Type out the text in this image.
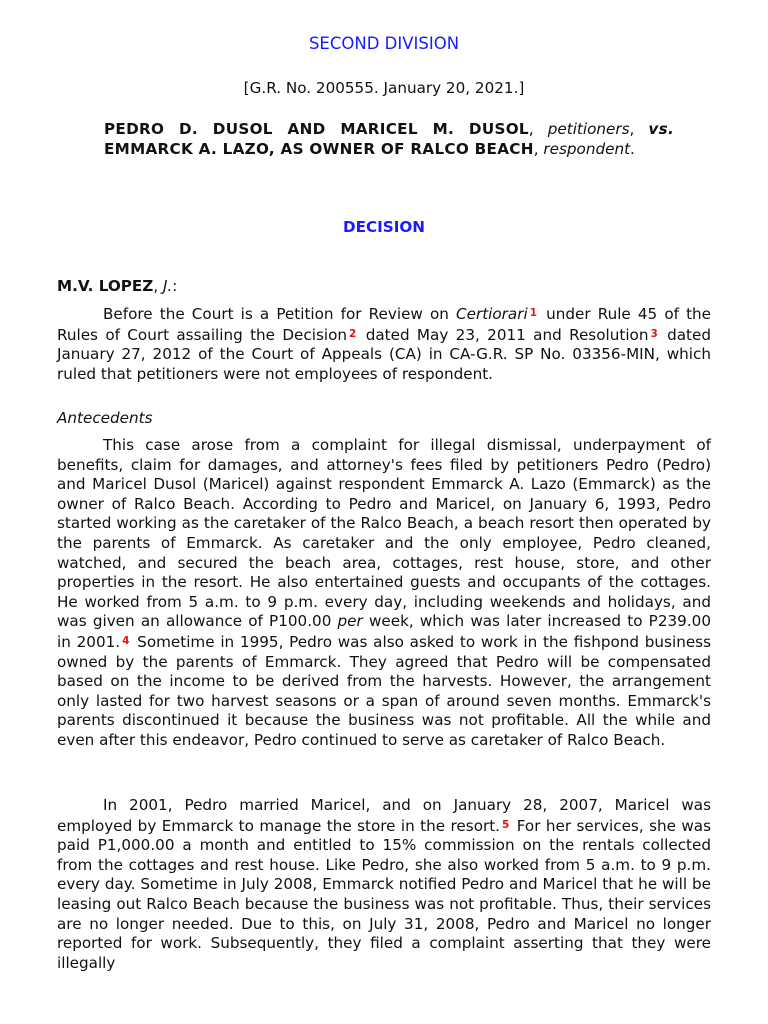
SECOND DIVISION
[G.R. No. 200555. January 20, 2021.]
PEDRO D. DUSOL AND MARICEL M. DUSOL, petitioners, vs. EMMARCK A. LAZO, AS OWNER OF RALCO BEACH, respondent.
DECISION
M.V. LOPEZ, J.:

Before the Court is a Petition for Review on Certiorari 1 under Rule 45 of the Rules of Court assailing the Decision 2 dated May 23, 2011 and Resolution 3 dated January 27, 2012 of the Court of Appeals (CA) in CA-G.R. SP No. 03356-MIN, which ruled that petitioners were not employees of respondent.

Antecedents

This case arose from a complaint for illegal dismissal, underpayment of benefits, claim for damages, and attorney's fees filed by petitioners Pedro (Pedro) and Maricel Dusol (Maricel) against respondent Emmarck A. Lazo (Emmarck) as the owner of Ralco Beach. According to Pedro and Maricel, on January 6, 1993, Pedro started working as the caretaker of the Ralco Beach, a beach resort then operated by the parents of Emmarck. As caretaker and the only employee, Pedro cleaned, watched, and secured the beach area, cottages, rest house, store, and other properties in the resort. He also entertained guests and occupants of the cottages. He worked from 5 a.m. to 9 p.m. every day, including weekends and holidays, and was given an allowance of P100.00 per week, which was later increased to P239.00 in 2001. 4 Sometime in 1995, Pedro was also asked to work in the fishpond business owned by the parents of Emmarck. They agreed that Pedro will be compensated based on the income to be derived from the harvests. However, the arrangement only lasted for two harvest seasons or a span of around seven months. Emmarck's parents discontinued it because the business was not profitable. All the while and even after this endeavor, Pedro continued to serve as caretaker of Ralco Beach.

In 2001, Pedro married Maricel, and on January 28, 2007, Maricel was employed by Emmarck to manage the store in the resort. 5 For her services, she was paid P1,000.00 a month and entitled to 15% commission on the rentals collected from the cottages and rest house. Like Pedro, she also worked from 5 a.m. to 9 p.m. every day. Sometime in July 2008, Emmarck notified Pedro and Maricel that he will be leasing out Ralco Beach because the business was not profitable. Thus, their services are no longer needed. Due to this, on July 31, 2008, Pedro and Maricel no longer reported for work. Subsequently, they filed a complaint asserting that they were illegally
